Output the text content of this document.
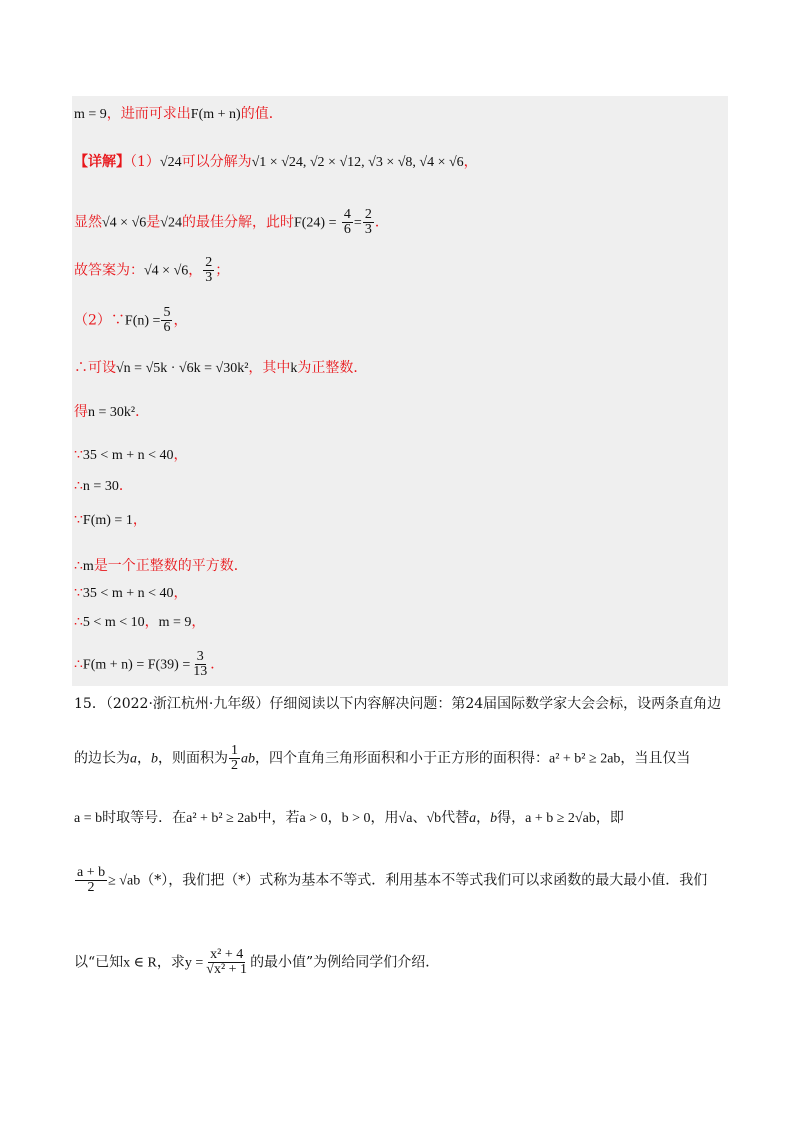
m = 9，进而可求出F(m + n)的值．
【详解】（1）√24可以分解为√1 × √24, √2 × √12, √3 × √8, √4 × √6，
显然√4 × √6是√24的最佳分解，此时$F(24) = \frac{4}{6} = \frac{2}{3}$ ．
故答案为：√4 × √6， $\frac{2}{3}$ ；
（2）∵F(n) = $\frac{5}{6}$ ，
∴可设√n = √5k · √6k = √30k²，其中k为正整数．
得n = 30k²．
∵35 < m + n < 40，
∴n = 30．
∵F(m) = 1，
∴m是一个正整数的平方数．
∵35 < m + n < 40，
∴5 < m < 10，m = 9，
∴F(m + $n) = F(39) = \frac{3}{13}$ ．
15．（2022·浙江杭州·九年级）仔细阅读以下内容解决问题：第24届国际数学家大会会标，设两条直角边
的边长为a，b，则面积为 $\frac{1}{2}$ ab，四个直角三角形面积和小于正方形的面积得：a² + b² ≥ 2ab，当且仅当
a = b时取等号．在a² + b² ≥ 2ab中，若a > 0，b > 0，用√a、√b代替a，b得，a + b ≥ 2√ab，即
$\frac{a + b}{2} \ge √ab(*)$，我们把（*）式称为基本不等式．利用基本不等式我们可以求函数的最大最小值．我们
以“已知x ∈ R，求$y = \frac{\text{x² + 4}}{\text{√x² + 1}}$ 的最小值”为例给同学们介绍．
